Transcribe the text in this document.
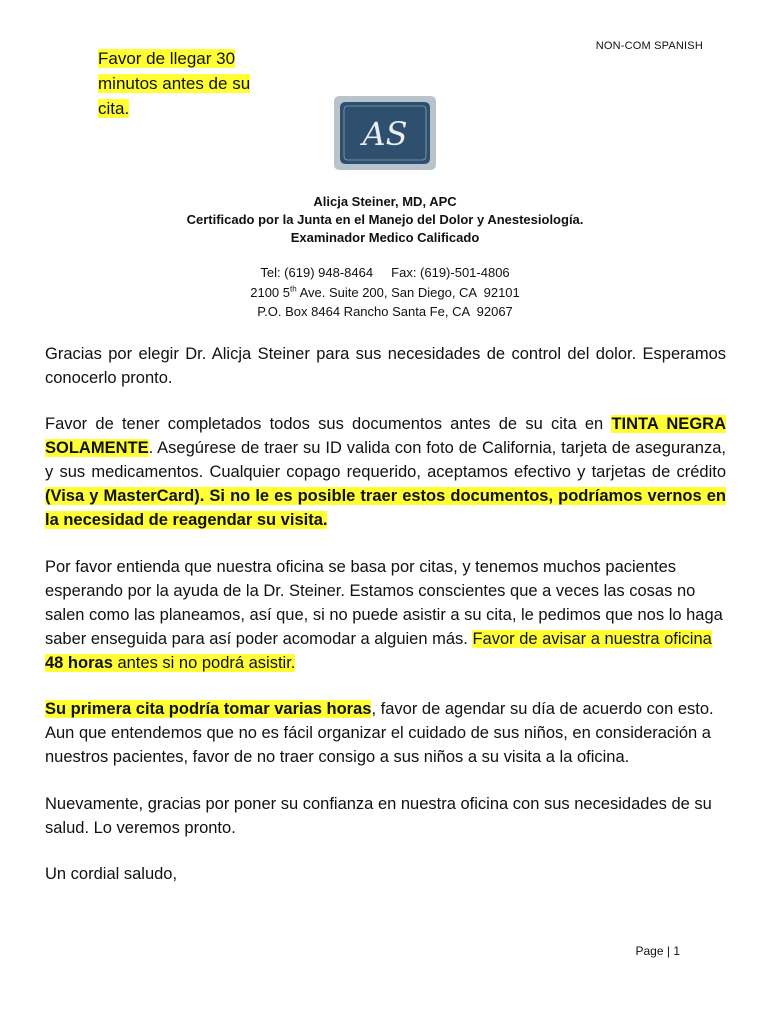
Favor de llegar 30 minutos antes de su cita.
NON-COM SPANISH
AS
Alicja Steiner, MD, APC
Certificado por la Junta en el Manejo del Dolor y Anestesiología.
Examinador Medico Calificado
Tel: (619) 948-8464     Fax: (619)-501-4806
2100 5th Ave. Suite 200, San Diego, CA  92101
P.O. Box 8464 Rancho Santa Fe, CA  92067
Gracias por elegir Dr. Alicja Steiner para sus necesidades de control del dolor. Esperamos conocerlo pronto.
Favor de tener completados todos sus documentos antes de su cita en TINTA NEGRA SOLAMENTE. Asegúrese de traer su ID valida con foto de California, tarjeta de aseguranza, y sus medicamentos. Cualquier copago requerido, aceptamos efectivo y tarjetas de crédito (Visa y MasterCard). Si no le es posible traer estos documentos, podríamos vernos en la necesidad de reagendar su visita.
Por favor entienda que nuestra oficina se basa por citas, y tenemos muchos pacientes esperando por la ayuda de la Dr. Steiner. Estamos conscientes que a veces las cosas no salen como las planeamos, así que, si no puede asistir a su cita, le pedimos que nos lo haga saber enseguida para así poder acomodar a alguien más. Favor de avisar a nuestra oficina 48 horas antes si no podrá asistir.
Su primera cita podría tomar varias horas, favor de agendar su día de acuerdo con esto. Aun que entendemos que no es fácil organizar el cuidado de sus niños, en consideración a nuestros pacientes, favor de no traer consigo a sus niños a su visita a la oficina.
Nuevamente, gracias por poner su confianza en nuestra oficina con sus necesidades de su salud. Lo veremos pronto.
Un cordial saludo,
Page | 1
